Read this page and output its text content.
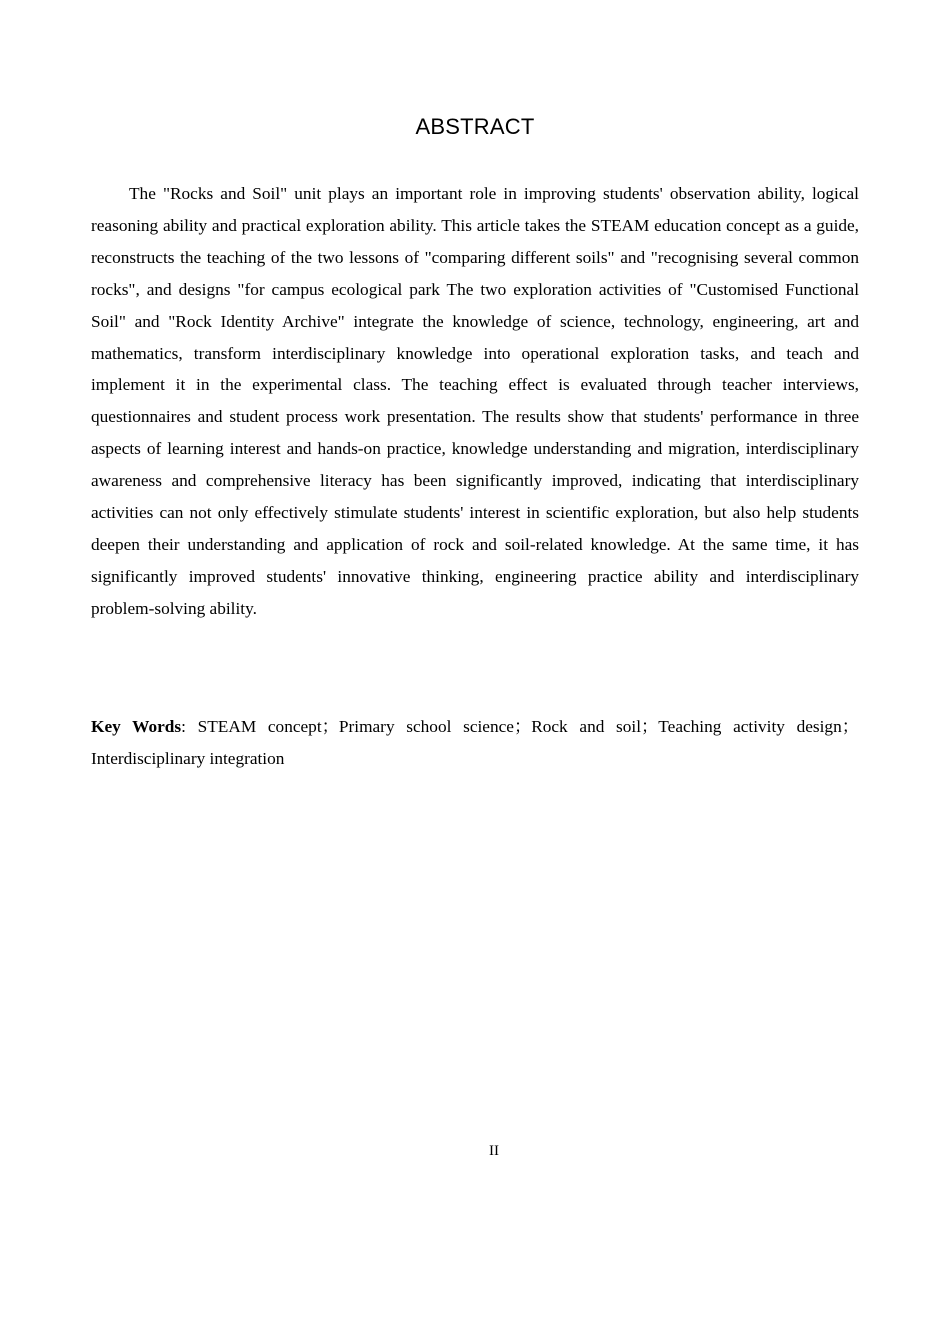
ABSTRACT

The "Rocks and Soil" unit plays an important role in improving students' observation ability, logical reasoning ability and practical exploration ability. This article takes the STEAM education concept as a guide, reconstructs the teaching of the two lessons of "comparing different soils" and "recognising several common rocks", and designs "for campus ecological park The two exploration activities of "Customised Functional Soil" and "Rock Identity Archive" integrate the knowledge of science, technology, engineering, art and mathematics, transform interdisciplinary knowledge into operational exploration tasks, and teach and implement it in the experimental class. The teaching effect is evaluated through teacher interviews, questionnaires and student process work presentation. The results show that students' performance in three aspects of learning interest and hands-on practice, knowledge understanding and migration, interdisciplinary awareness and comprehensive literacy has been significantly improved, indicating that interdisciplinary activities can not only effectively stimulate students' interest in scientific exploration, but also help students deepen their understanding and application of rock and soil-related knowledge. At the same time, it has significantly improved students' innovative thinking, engineering practice ability and interdisciplinary problem-solving ability.

Key Words: STEAM concept；Primary school science；Rock and soil；Teaching activity design；Interdisciplinary integration

II
